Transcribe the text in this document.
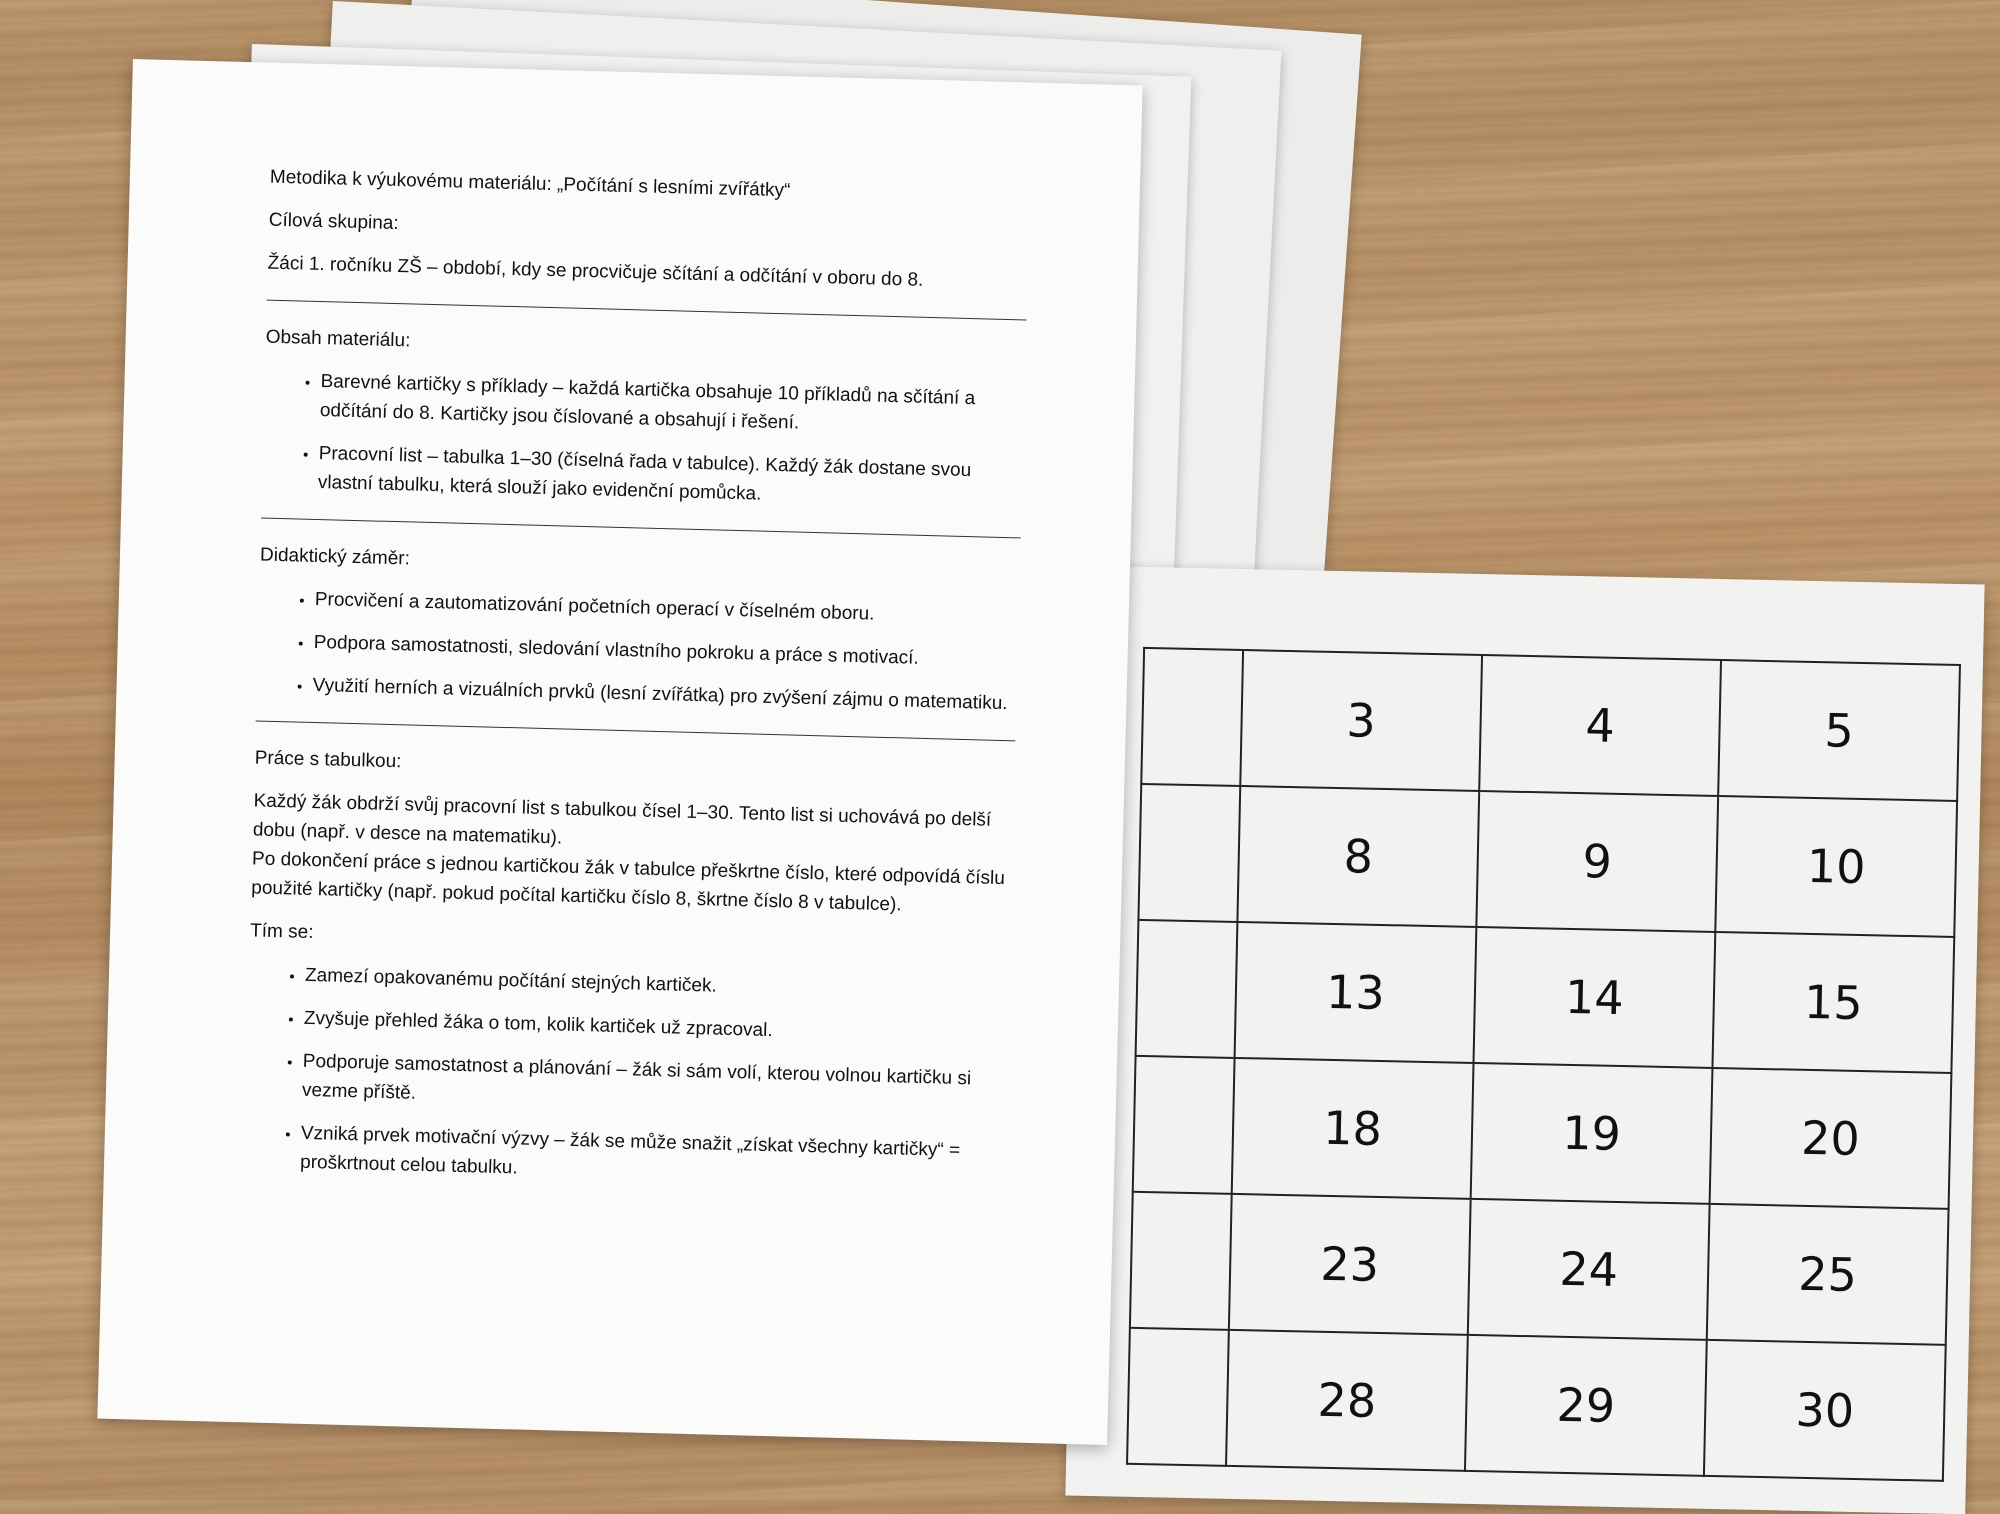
	3	4	5
	8	9	10
	13	14	15
	18	19	20
	23	24	25
	28	29	30

Metodika k výukovému materiálu: „Počítání s lesními zvířátky“

Cílová skupina:

Žáci 1. ročníku ZŠ – období, kdy se procvičuje sčítání a odčítání v oboru do 8.

Obsah materiálu:

• Barevné kartičky s příklady – každá kartička obsahuje 10 příkladů na sčítání a odčítání do 8. Kartičky jsou číslované a obsahují i řešení.
• Pracovní list – tabulka 1–30 (číselná řada v tabulce). Každý žák dostane svou vlastní tabulku, která slouží jako evidenční pomůcka.

Didaktický záměr:

• Procvičení a zautomatizování početních operací v číselném oboru.
• Podpora samostatnosti, sledování vlastního pokroku a práce s motivací.
• Využití herních a vizuálních prvků (lesní zvířátka) pro zvýšení zájmu o matematiku.

Práce s tabulkou:

Každý žák obdrží svůj pracovní list s tabulkou čísel 1–30. Tento list si uchovává po delší dobu (např. v desce na matematiku).

Po dokončení práce s jednou kartičkou žák v tabulce přeškrtne číslo, které odpovídá číslu použité kartičky (např. pokud počítal kartičku číslo 8, škrtne číslo 8 v tabulce).

Tím se:

• Zamezí opakovanému počítání stejných kartiček.
• Zvyšuje přehled žáka o tom, kolik kartiček už zpracoval.
• Podporuje samostatnost a plánování – žák si sám volí, kterou volnou kartičku si vezme příště.
• Vzniká prvek motivační výzvy – žák se může snažit „získat všechny kartičky“ = proškrtnout celou tabulku.
